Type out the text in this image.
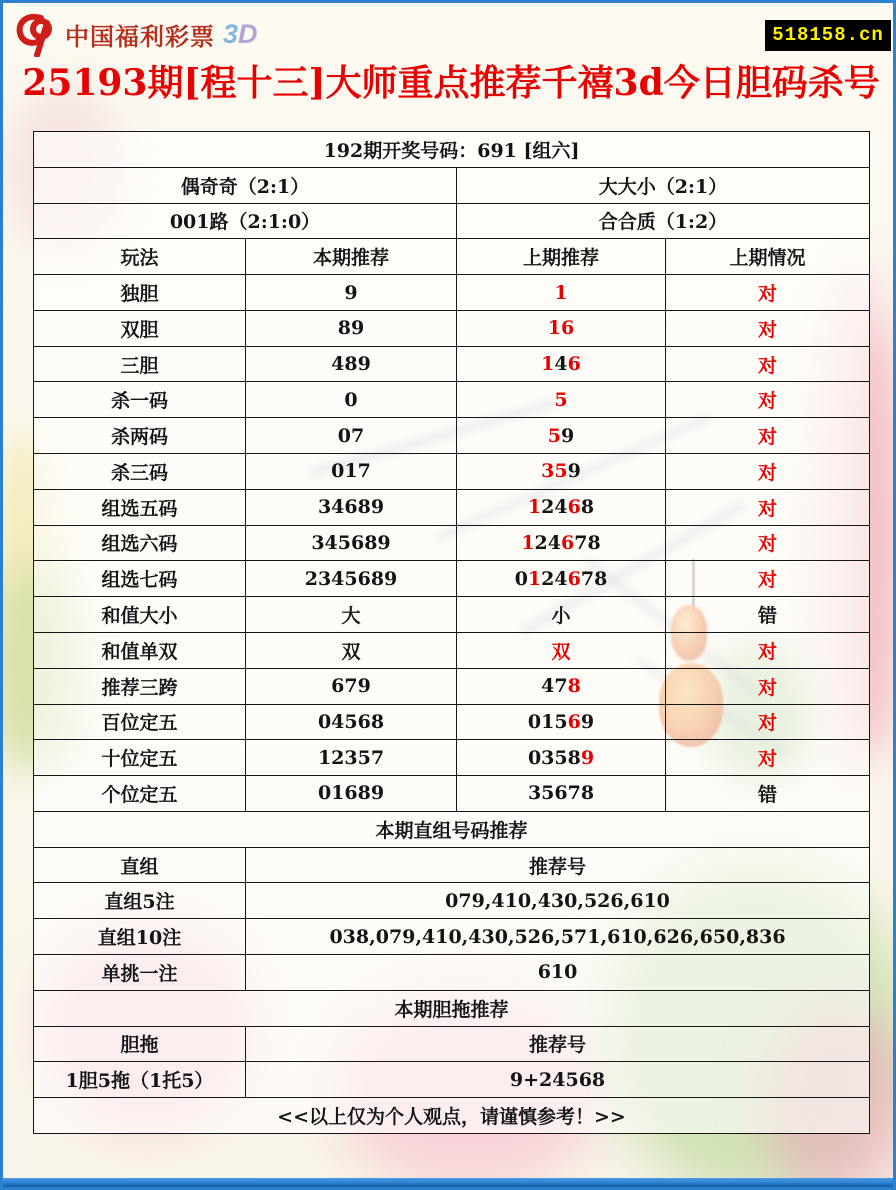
中国福利彩票 3D	518158.cn
25193期[程十三]大师重点推荐千禧3d今日胆码杀号
192期开奖号码：691 [组六]			
偶奇奇（2:1）		大大小（2:1）	
001路（2:1:0）		合合质（1:2）	
玩法	本期推荐	上期推荐	上期情况
独胆	9	1	对
双胆	89	16	对
三胆	489	146	对
杀一码	0	5	对
杀两码	07	59	对
杀三码	017	359	对
组选五码	34689	12468	对
组选六码	345689	124678	对
组选七码	2345689	0124678	对
和值大小	大	小	错
和值单双	双	双	对
推荐三跨	679	478	对
百位定五	04568	01569	对
十位定五	12357	03589	对
个位定五	01689	35678	错
本期直组号码推荐			
直组	推荐号		
直组5注	079,410,430,526,610		
直组10注	038,079,410,430,526,571,610,626,650,836		
单挑一注	610		
本期胆拖推荐			
胆拖	推荐号		
1胆5拖（1托5）	9+24568		
<<以上仅为个人观点，请谨慎参考！>>			
